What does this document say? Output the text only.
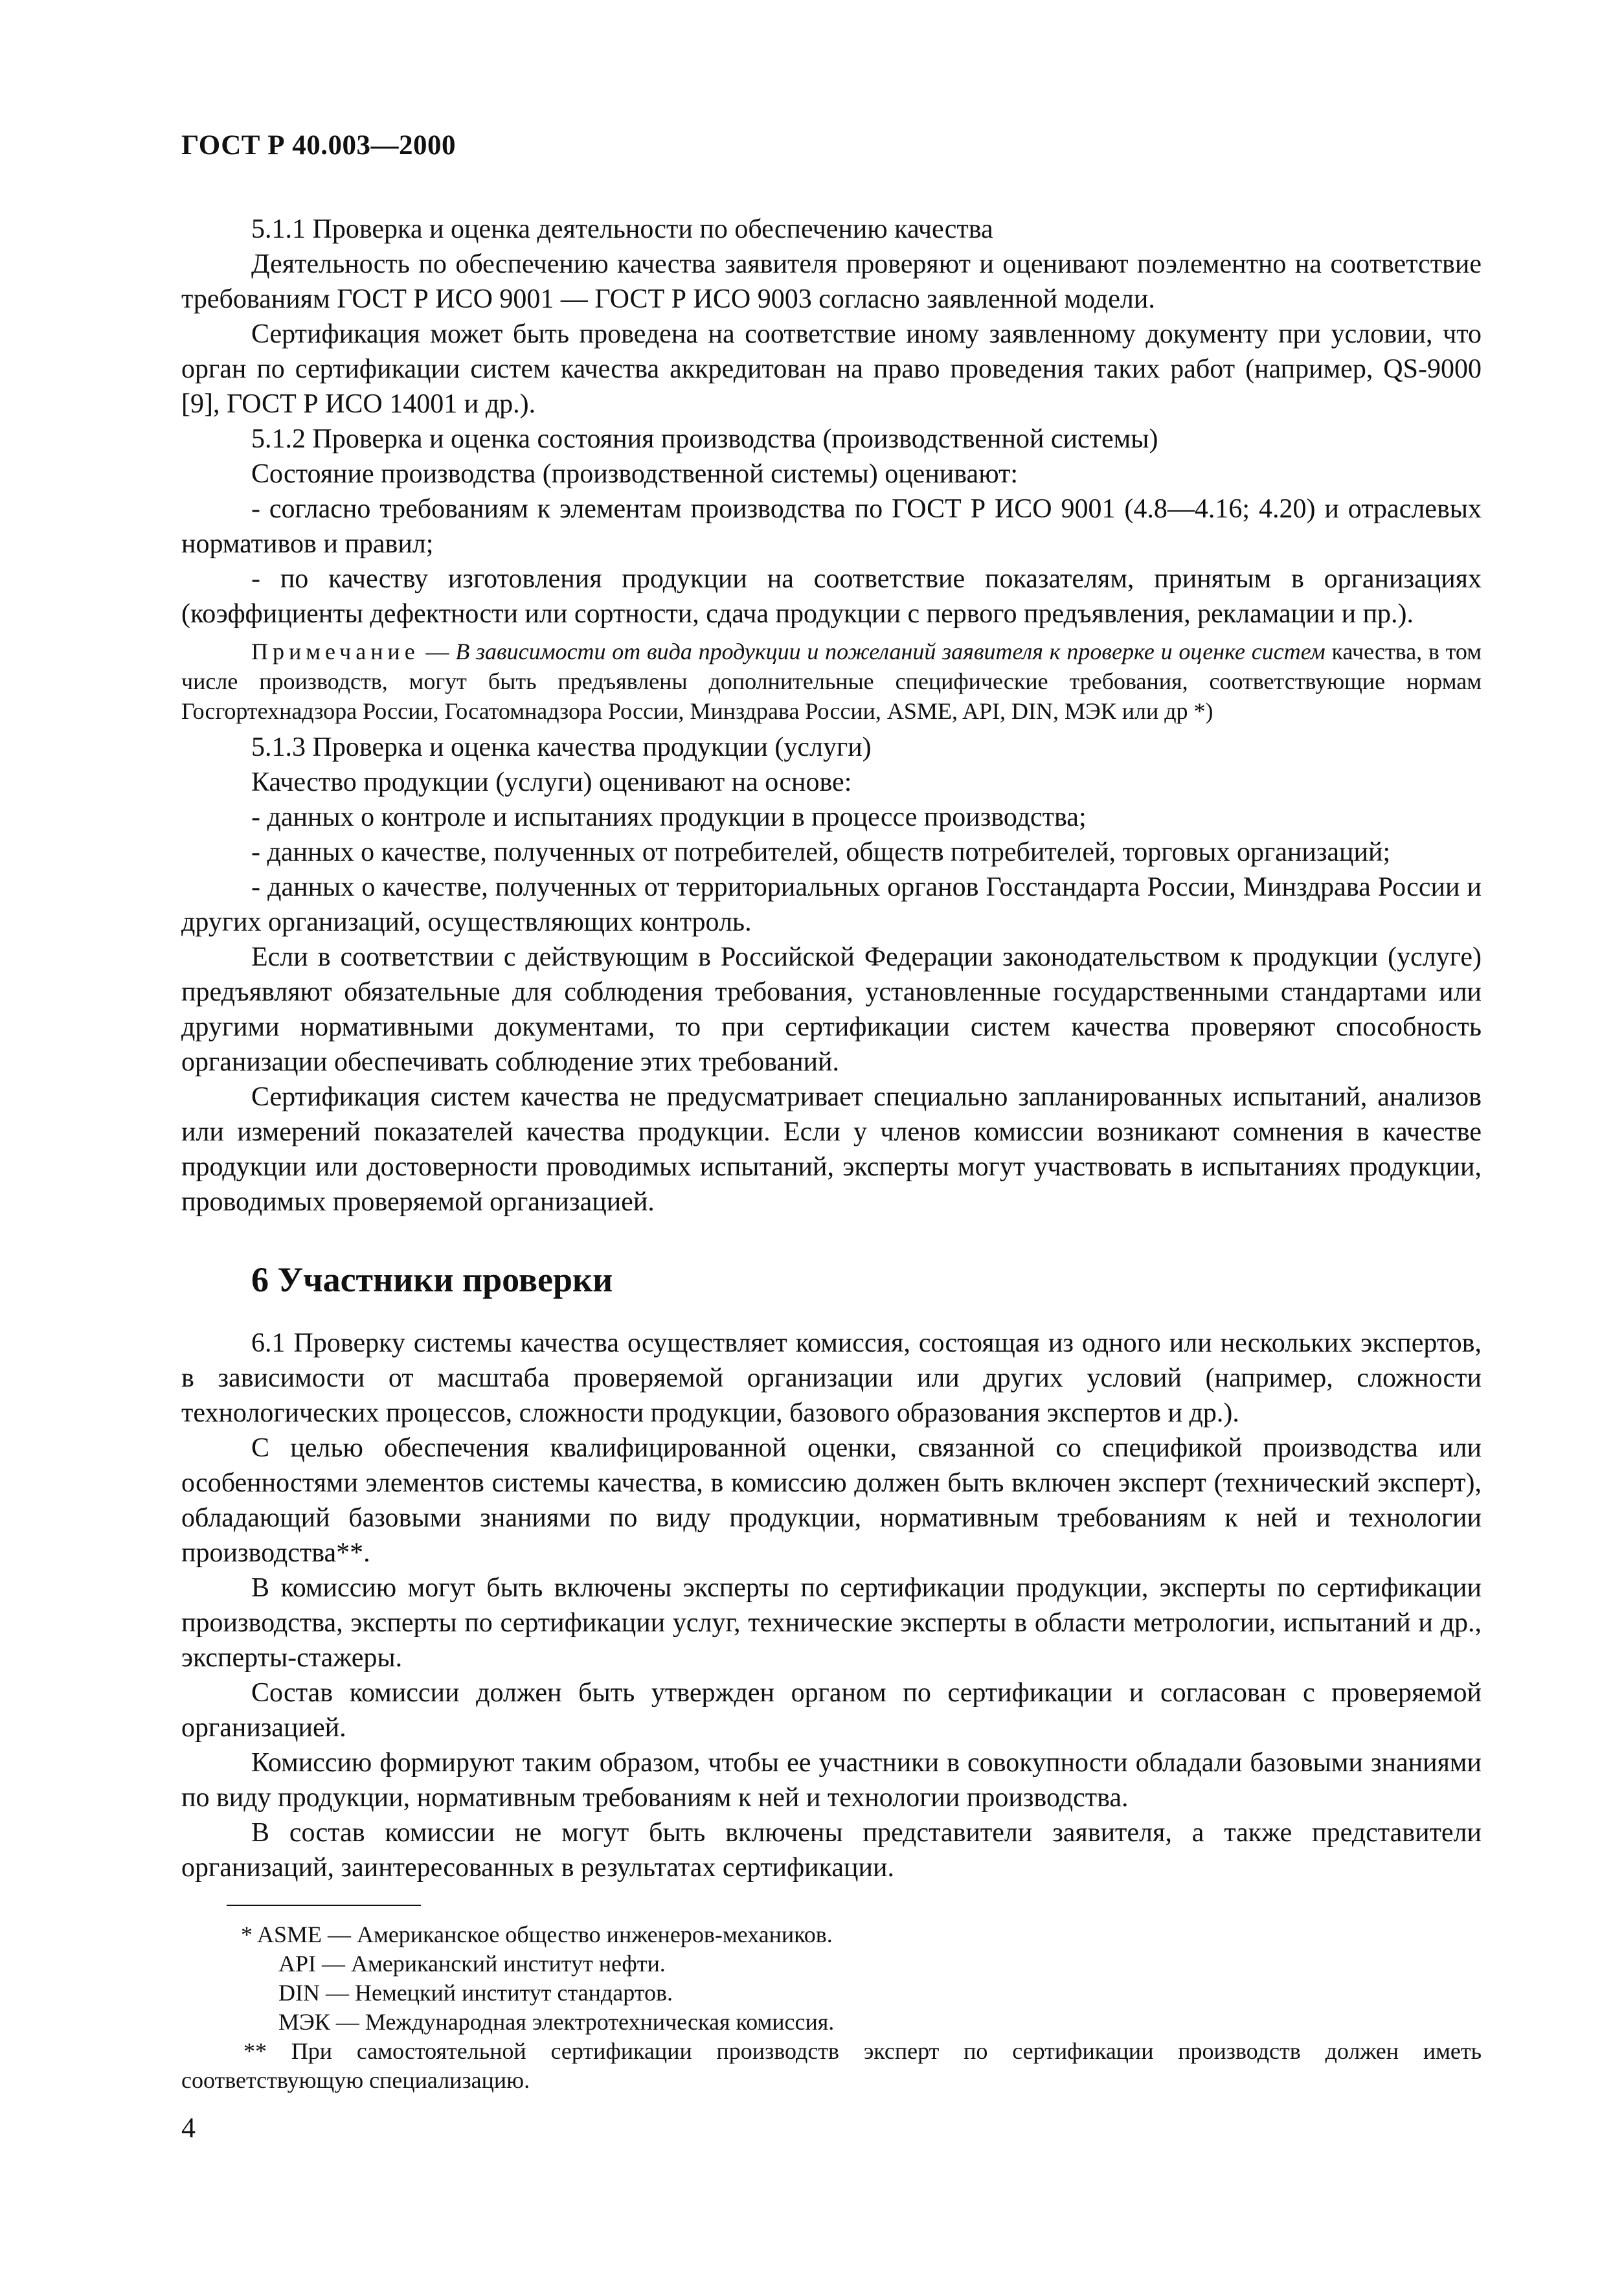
ГОСТ Р 40.003—2000

5.1.1 Проверка и оценка деятельности по обеспечению качества

Деятельность по обеспечению качества заявителя проверяют и оценивают поэлементно на соответствие требованиям ГОСТ Р ИСО 9001 — ГОСТ Р ИСО 9003 согласно заявленной модели.

Сертификация может быть проведена на соответствие иному заявленному документу при условии, что орган по сертификации систем качества аккредитован на право проведения таких работ (например, QS-9000 [9], ГОСТ Р ИСО 14001 и др.).

5.1.2 Проверка и оценка состояния производства (производственной системы)

Состояние производства (производственной системы) оценивают:

- согласно требованиям к элементам производства по ГОСТ Р ИСО 9001 (4.8—4.16; 4.20) и отраслевых нормативов и правил;

- по качеству изготовления продукции на соответствие показателям, принятым в организациях (коэффициенты дефектности или сортности, сдача продукции с первого предъявления, рекламации и пр.).

Примечание — В зависимости от вида продукции и пожеланий заявителя к проверке и оценке систем качества, в том числе производств, могут быть предъявлены дополнительные специфические требования, соответствующие нормам Госгортехнадзора России, Госатомнадзора России, Минздрава России, ASME, API, DIN, МЭК или др *)

5.1.3 Проверка и оценка качества продукции (услуги)

Качество продукции (услуги) оценивают на основе:

- данных о контроле и испытаниях продукции в процессе производства;

- данных о качестве, полученных от потребителей, обществ потребителей, торговых организаций;

- данных о качестве, полученных от территориальных органов Госстандарта России, Минздрава России и других организаций, осуществляющих контроль.

Если в соответствии с действующим в Российской Федерации законодательством к продукции (услуге) предъявляют обязательные для соблюдения требования, установленные государственными стандартами или другими нормативными документами, то при сертификации систем качества проверяют способность организации обеспечивать соблюдение этих требований.

Сертификация систем качества не предусматривает специально запланированных испытаний, анализов или измерений показателей качества продукции. Если у членов комиссии возникают сомнения в качестве продукции или достоверности проводимых испытаний, эксперты могут участвовать в испытаниях продукции, проводимых проверяемой организацией.

6 Участники проверки

6.1 Проверку системы качества осуществляет комиссия, состоящая из одного или нескольких экспертов, в зависимости от масштаба проверяемой организации или других условий (например, сложности технологических процессов, сложности продукции, базового образования экспертов и др.).

С целью обеспечения квалифицированной оценки, связанной со спецификой производства или особенностями элементов системы качества, в комиссию должен быть включен эксперт (технический эксперт), обладающий базовыми знаниями по виду продукции, нормативным требованиям к ней и технологии производства**.

В комиссию могут быть включены эксперты по сертификации продукции, эксперты по сертификации производства, эксперты по сертификации услуг, технические эксперты в области метрологии, испытаний и др., эксперты-стажеры.

Состав комиссии должен быть утвержден органом по сертификации и согласован с проверяемой организацией.

Комиссию формируют таким образом, чтобы ее участники в совокупности обладали базовыми знаниями по виду продукции, нормативным требованиям к ней и технологии производства.

В состав комиссии не могут быть включены представители заявителя, а также представители организаций, заинтересованных в результатах сертификации.

* ASME — Американское общество инженеров-механиков.

API — Американский институт нефти.

DIN — Немецкий институт стандартов.

МЭК — Международная электротехническая комиссия.

** При самостоятельной сертификации производств эксперт по сертификации производств должен иметь соответствующую специализацию.

4
